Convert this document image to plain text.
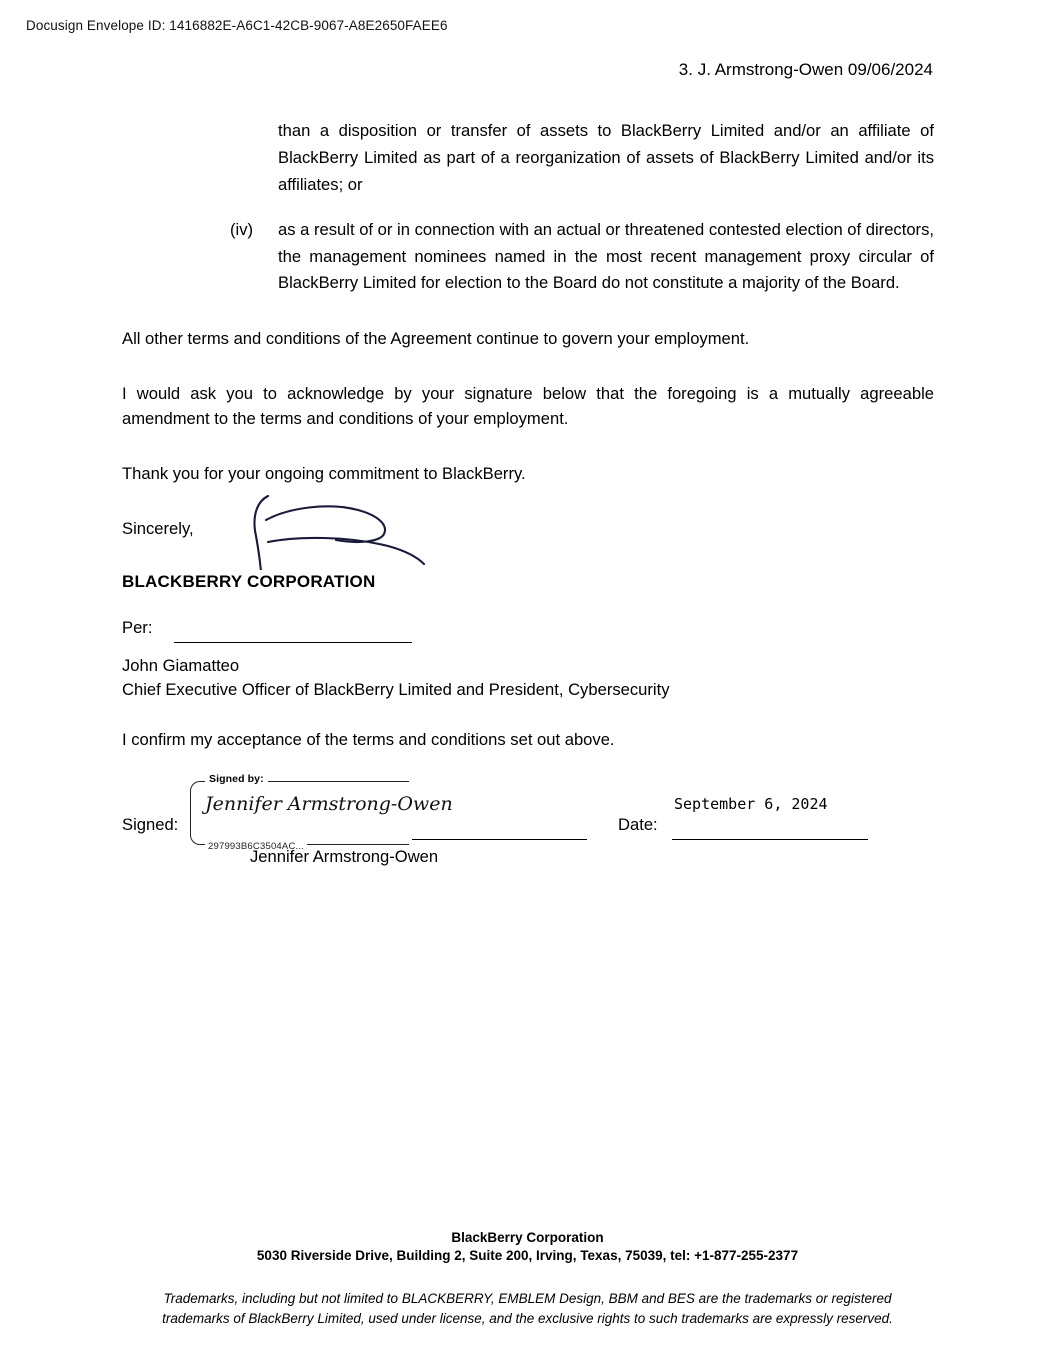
Docusign Envelope ID: 1416882E-A6C1-42CB-9067-A8E2650FAEE6
3. J. Armstrong-Owen 09/06/2024
than a disposition or transfer of assets to BlackBerry Limited and/or an affiliate of BlackBerry Limited as part of a reorganization of assets of BlackBerry Limited and/or its affiliates; or
(iv) as a result of or in connection with an actual or threatened contested election of directors, the management nominees named in the most recent management proxy circular of BlackBerry Limited for election to the Board do not constitute a majority of the Board.

All other terms and conditions of the Agreement continue to govern your employment.

I would ask you to acknowledge by your signature below that the foregoing is a mutually agreeable amendment to the terms and conditions of your employment.

Thank you for your ongoing commitment to BlackBerry.

Sincerely,

BLACKBERRY CORPORATION
Per:

John Giamatteo

Chief Executive Officer of BlackBerry Limited and President, Cybersecurity

I confirm my acceptance of the terms and conditions set out above.

Signed:
Signed by:
Jennifer Armstrong-Owen
297993B6C3504AC...
Jennifer Armstrong-Owen
Date:
September 6, 2024
BlackBerry Corporation
5030 Riverside Drive, Building 2, Suite 200, Irving, Texas, 75039, tel: +1-877-255-2377
Trademarks, including but not limited to BLACKBERRY, EMBLEM Design, BBM and BES are the trademarks or registered trademarks of BlackBerry Limited, used under license, and the exclusive rights to such trademarks are expressly reserved.
